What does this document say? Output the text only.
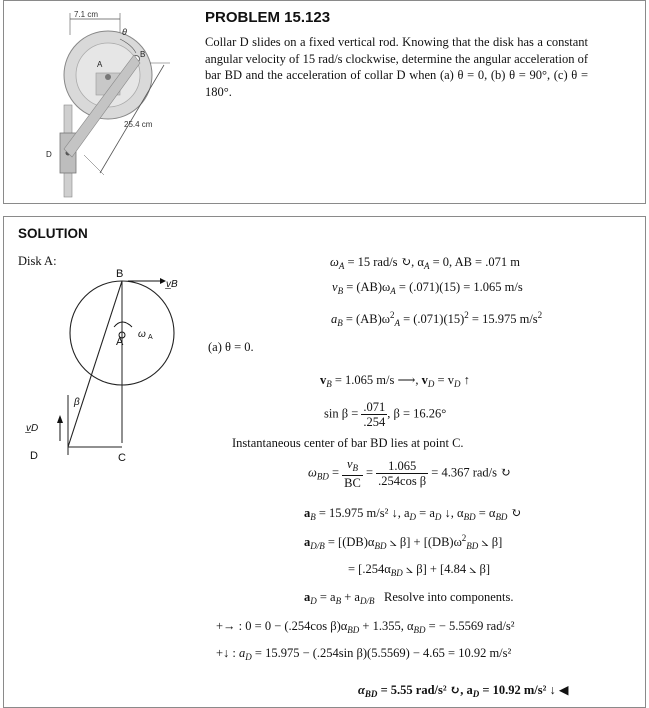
7.1 cm
A
θ
B
D
25.4 cm
PROBLEM 15.123
Collar D slides on a fixed vertical rod. Knowing that the disk has a constant angular velocity of 15 rad/s clockwise, determine the angular acceleration of bar BD and the acceleration of collar D when (a) θ = 0, (b) θ = 90°, (c) θ = 180°.
SOLUTION
Disk A:
B
v̲B
A
ω A
β
v̲D
D	C
$\omega_A = 15$ rad/s ↻, $\alpha_A = 0$, AB = .071 m
$v_B = (AB)\omega_A = (.071)(15) = 1.065$ m/s
$a_B = (AB)\omega^2_A = (.071)(15)^2 = 15.975$ $m/s^2$
(a) θ = 0.
$v_B = 1.065$ m/s ⟶, $v_D = v_D$ ↑
$\sin \beta = \frac{.071}{.254}$ , β = 16.26°
Instantaneous center of bar BD lies at point C.
$\omega_{BD} = \frac{v_B}{BC} = \frac{1.065}{\text{.254cos β}} = 4.367$ rad/s ↻
$a_B = 15.975$ m/s² ↓, $a_D = a_D$ ↓, $\alpha_{BD} = \alpha_{BD}$ ↻
$a_{D/B} = [(DB)\alpha_{BD}$ ⦣ $\beta] + [(DB)\omega^2_{BD}$ ⦣ β]
= [$.254\alpha_{BD}$ ⦣ β] + [4.84 ⦣ β]
$a_D = a_B + a_{D/B}$ Resolve into components.
+→ : 0 = 0 − (.254cos $\beta)\alpha_{BD} + 1.355$, $\alpha_{BD}$ = − 5.5569 rad/s²
+↓ : $a_D = 15.975 - (.254\sin$ β)(5.5569) − 4.65 = 10.92 m/s²
$\alpha_{BD} = 5.55$ rad/s² ↻, $a_D = 10.92$ m/s² ↓ ◀
